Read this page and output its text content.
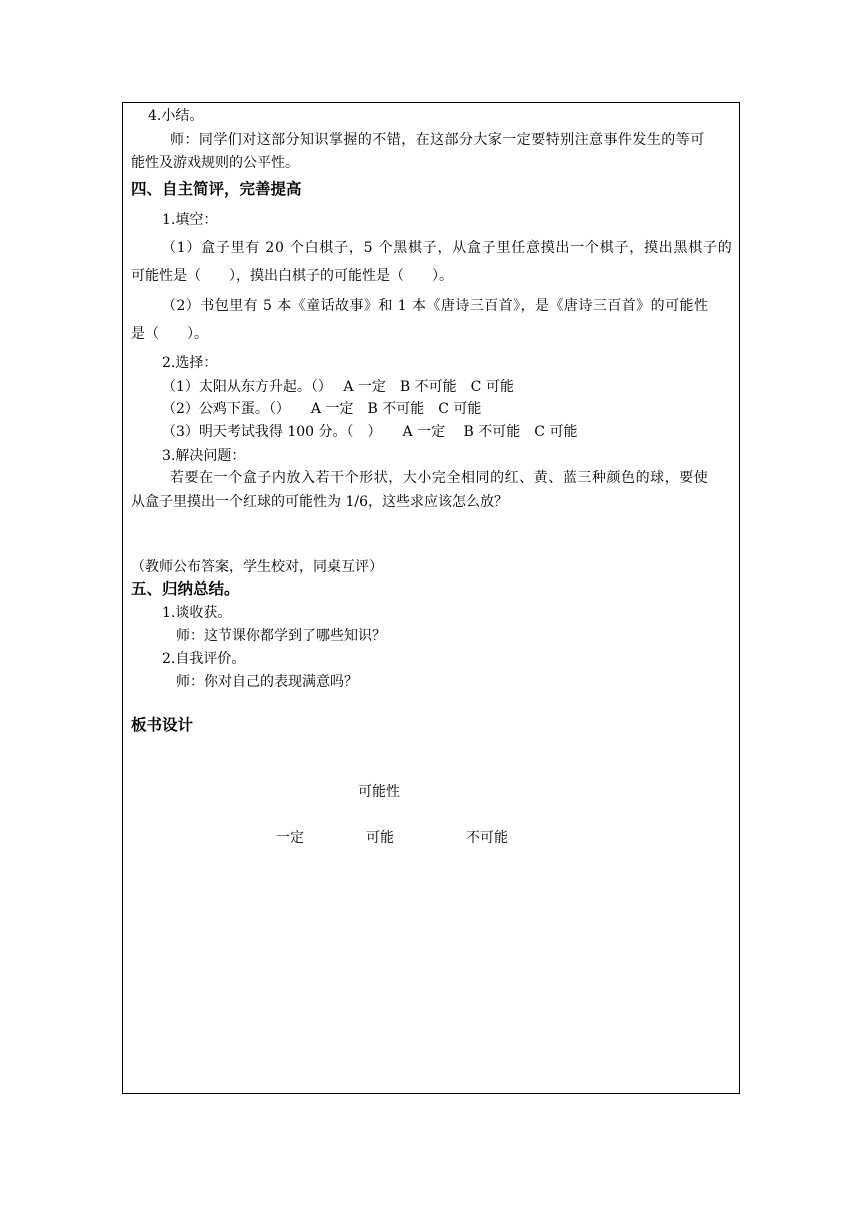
4.小结。
师：同学们对这部分知识掌握的不错，在这部分大家一定要特别注意事件发生的等可
能性及游戏规则的公平性。
四、自主简评，完善提高
1.填空：
（1）盒子里有 20 个白棋子，5 个黑棋子，从盒子里任意摸出一个棋子，摸出黑棋子的
可能性是（　　），摸出白棋子的可能性是（　　）。
（2）书包里有 5 本《童话故事》和 1 本《唐诗三百首》，是《唐诗三百首》的可能性
是（　　）。
2.选择：
（1）太阳从东方升起。（）　 A 一定　B 不可能　C 可能
（2）公鸡下蛋。（）　　A 一定　B 不可能　C 可能
（3）明天考试我得 100 分。（　）　　A 一定　 B 不可能　C 可能
3.解决问题：
若要在一个盒子内放入若干个形状，大小完全相同的红、黄、蓝三种颜色的球，要使
从盒子里摸出一个红球的可能性为 1/6，这些求应该怎么放？
（教师公布答案，学生校对，同桌互评）
五、归纳总结。
1.谈收获。
师：这节课你都学到了哪些知识？
2.自我评价。
师：你对自己的表现满意吗？
板书设计
可能性
一定	可能	不可能
